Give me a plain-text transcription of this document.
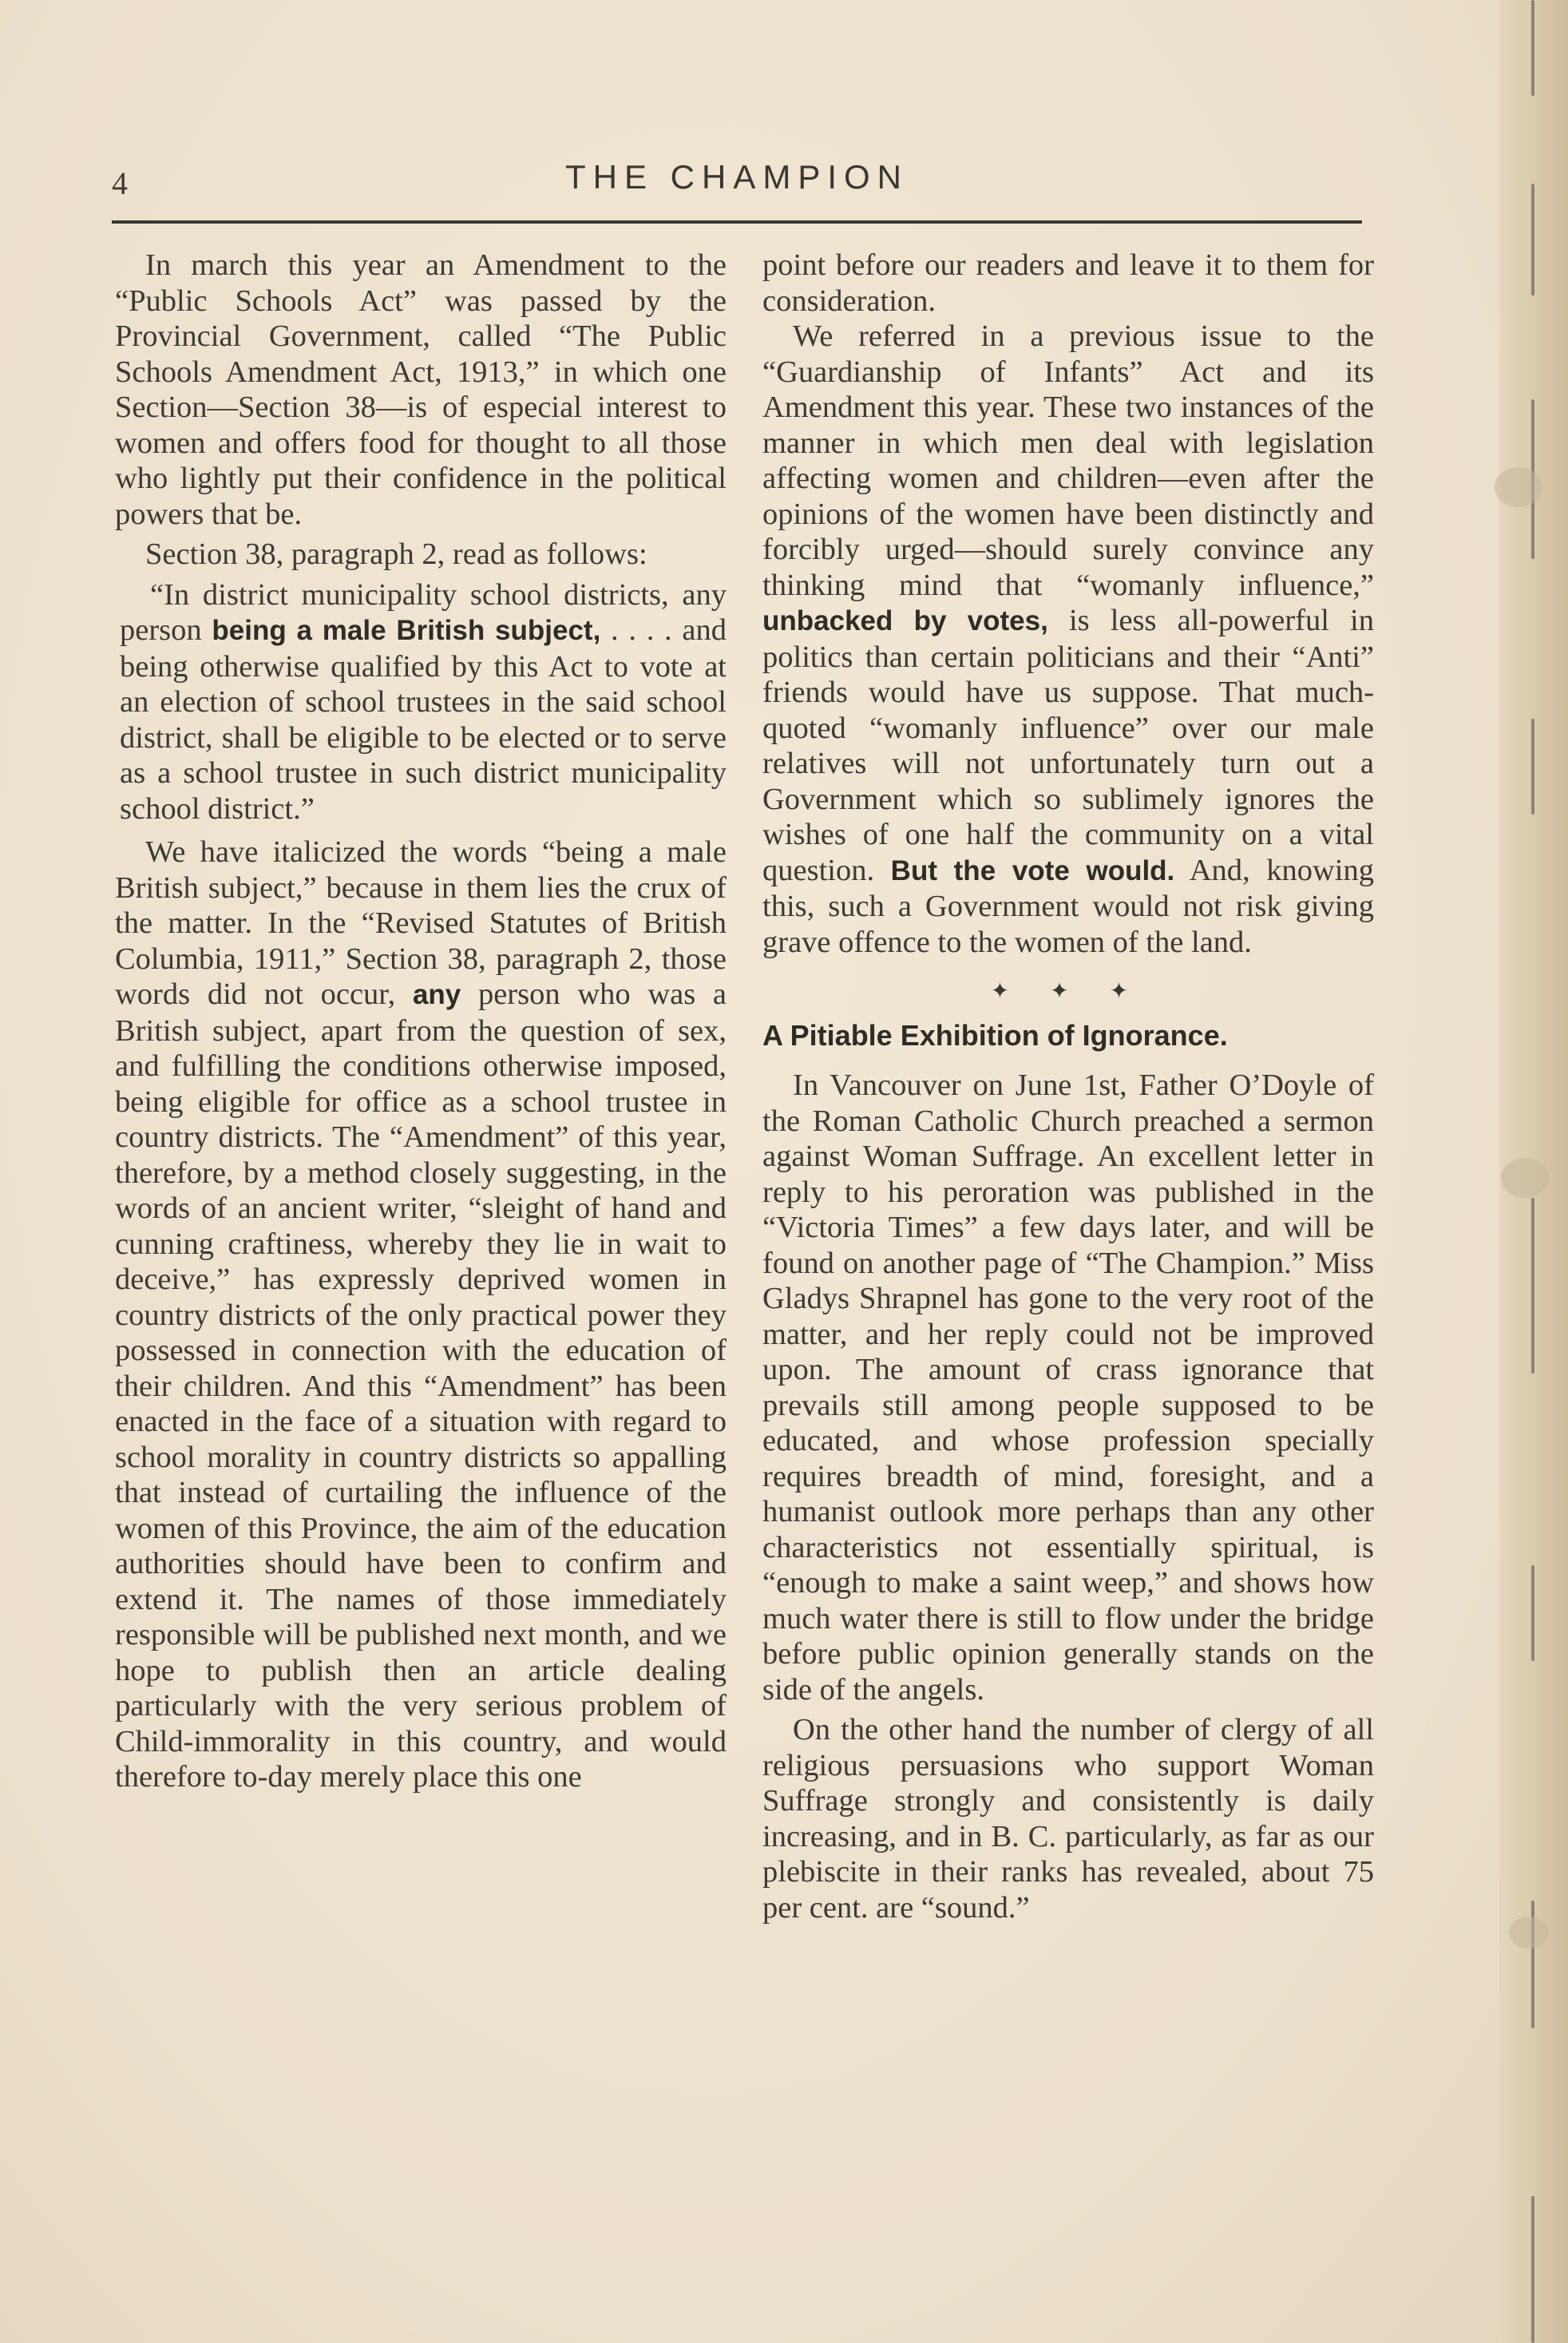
4	THE CHAMPION

In march this year an Amendment to the “Public Schools Act” was passed by the Provincial Government, called “The Public Schools Amendment Act, 1913,” in which one Section—Section 38—is of especial interest to women and offers food for thought to all those who lightly put their confidence in the political powers that be.

Section 38, paragraph 2, read as follows:

“In district municipality school districts, any person being a male British subject, . . . . and being otherwise qualified by this Act to vote at an election of school trustees in the said school district, shall be eligible to be elected or to serve as a school trustee in such district municipality school district.”

We have italicized the words “being a male British subject,” because in them lies the crux of the matter. In the “Revised Statutes of British Columbia, 1911,” Section 38, paragraph 2, those words did not occur, any person who was a British subject, apart from the question of sex, and fulfilling the conditions otherwise imposed, being eligible for office as a school trustee in country districts. The “Amendment” of this year, therefore, by a method closely suggesting, in the words of an ancient writer, “sleight of hand and cunning craftiness, whereby they lie in wait to deceive,” has expressly deprived women in country districts of the only practical power they possessed in connection with the education of their children. And this “Amendment” has been enacted in the face of a situation with regard to school morality in country districts so appalling that instead of curtailing the influence of the women of this Province, the aim of the education authorities should have been to confirm and extend it. The names of those immediately responsible will be published next month, and we hope to publish then an article dealing particularly with the very serious problem of Child-immorality in this country, and would therefore to-day merely place this one

point before our readers and leave it to them for consideration.

We referred in a previous issue to the “Guardianship of Infants” Act and its Amendment this year. These two instances of the manner in which men deal with legislation affecting women and children—even after the opinions of the women have been distinctly and forcibly urged—should surely convince any thinking mind that “womanly influence,” unbacked by votes, is less all-powerful in politics than certain politicians and their “Anti” friends would have us suppose. That much-quoted “womanly influence” over our male relatives will not unfortunately turn out a Government which so sublimely ignores the wishes of one half the community on a vital question. But the vote would. And, knowing this, such a Government would not risk giving grave offence to the women of the land.

✦ ✦ ✦
A Pitiable Exhibition of Ignorance.

In Vancouver on June 1st, Father O’Doyle of the Roman Catholic Church preached a sermon against Woman Suffrage. An excellent letter in reply to his peroration was published in the “Victoria Times” a few days later, and will be found on another page of “The Champion.” Miss Gladys Shrapnel has gone to the very root of the matter, and her reply could not be improved upon. The amount of crass ignorance that prevails still among people supposed to be educated, and whose profession specially requires breadth of mind, foresight, and a humanist outlook more perhaps than any other characteristics not essentially spiritual, is “enough to make a saint weep,” and shows how much water there is still to flow under the bridge before public opinion generally stands on the side of the angels.

On the other hand the number of clergy of all religious persuasions who support Woman Suffrage strongly and consistently is daily increasing, and in B. C. particularly, as far as our plebiscite in their ranks has revealed, about 75 per cent. are “sound.”
